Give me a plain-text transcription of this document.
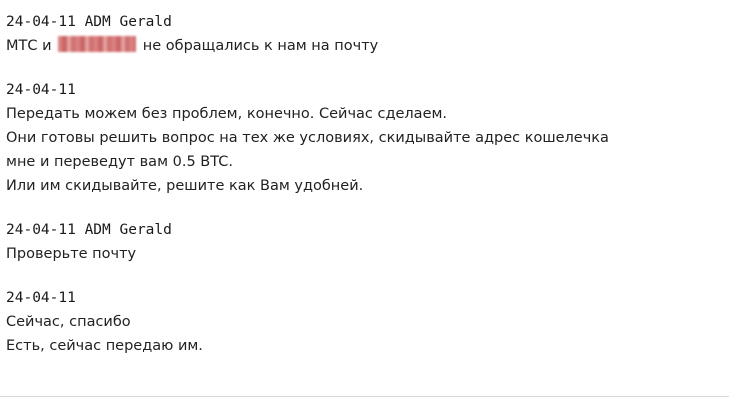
24-04-11 ADM Gerald
МТС и	не обращались к нам на почту
24-04-11
Передать можем без проблем, конечно. Сейчас сделаем.
Они готовы решить вопрос на тех же условиях, скидывайте адрес кошелечка
мне и переведут вам 0.5 BTC.
Или им скидывайте, решите как Вам удобней.
24-04-11 ADM Gerald
Проверьте почту
24-04-11
Сейчас, спасибо
Есть, сейчас передаю им.
